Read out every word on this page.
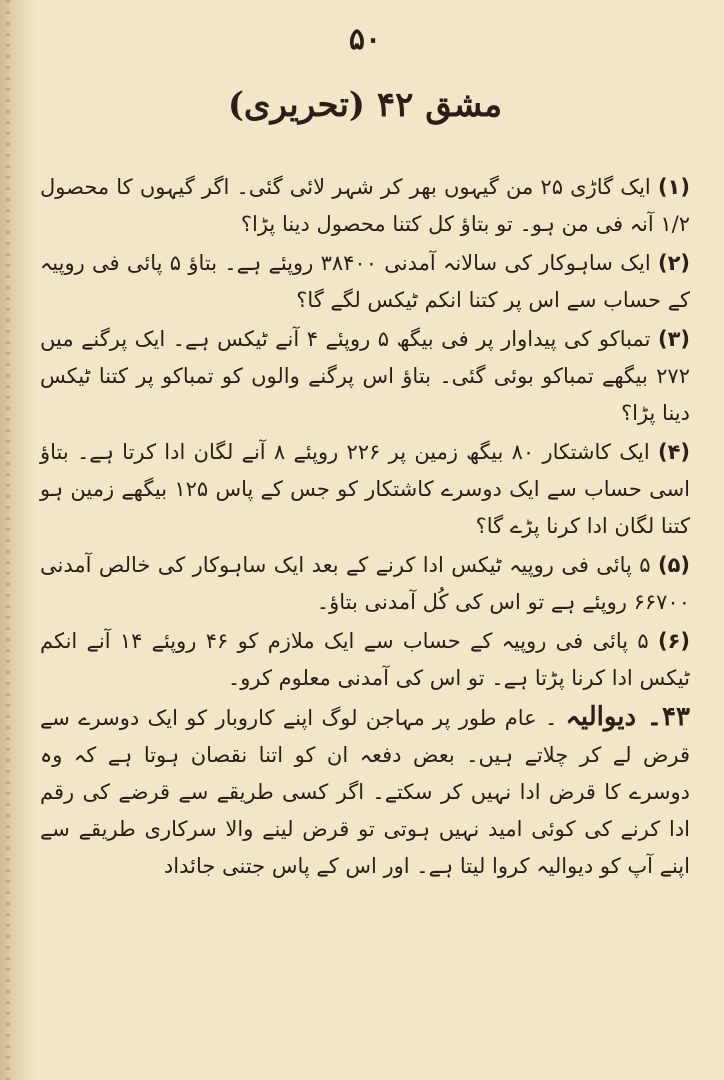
۵۰
مشق ۴۲ (تحریری)

(۱) ایک گاڑی ۲۵ من گیہوں بھر کر شہر لائی گئی۔ اگر گیہوں کا محصول ۱/۲ آنہ فی من ہو۔ تو بتاؤ کل کتنا محصول دینا پڑا؟

(۲) ایک ساہوکار کی سالانہ آمدنی ۳۸۴۰۰ روپئے ہے۔ بتاؤ ۵ پائی فی روپیہ کے حساب سے اس پر کتنا انکم ٹیکس لگے گا؟

(۳) تمباکو کی پیداوار پر فی بیگھ ۵ روپئے ۴ آنے ٹیکس ہے۔ ایک پرگنے میں ۲۷۲ بیگھے تمباکو بوئی گئی۔ بتاؤ اس پرگنے والوں کو تمباکو پر کتنا ٹیکس دینا پڑا؟

(۴) ایک کاشتکار ۸۰ بیگھ زمین پر ۲۲۶ روپئے ۸ آنے لگان ادا کرتا ہے۔ بتاؤ اسی حساب سے ایک دوسرے کاشتکار کو جس کے پاس ۱۲۵ بیگھے زمین ہو کتنا لگان ادا کرنا پڑے گا؟

(۵) ۵ پائی فی روپیہ ٹیکس ادا کرنے کے بعد ایک ساہوکار کی خالص آمدنی ۶۶۷۰۰ روپئے ہے تو اس کی کُل آمدنی بتاؤ۔

(۶) ۵ پائی فی روپیہ کے حساب سے ایک ملازم کو ۴۶ روپئے ۱۴ آنے انکم ٹیکس ادا کرنا پڑتا ہے۔ تو اس کی آمدنی معلوم کرو۔

۴۳۔ دیوالیہ ۔ عام طور پر مہاجن لوگ اپنے کاروبار کو ایک دوسرے سے قرض لے کر چلاتے ہیں۔ بعض دفعہ ان کو اتنا نقصان ہوتا ہے کہ وہ دوسرے کا قرض ادا نہیں کر سکتے۔ اگر کسی طریقے سے قرضے کی رقم ادا کرنے کی کوئی امید نہیں ہوتی تو قرض لینے والا سرکاری طریقے سے اپنے آپ کو دیوالیہ کروا لیتا ہے۔ اور اس کے پاس جتنی جائداد
